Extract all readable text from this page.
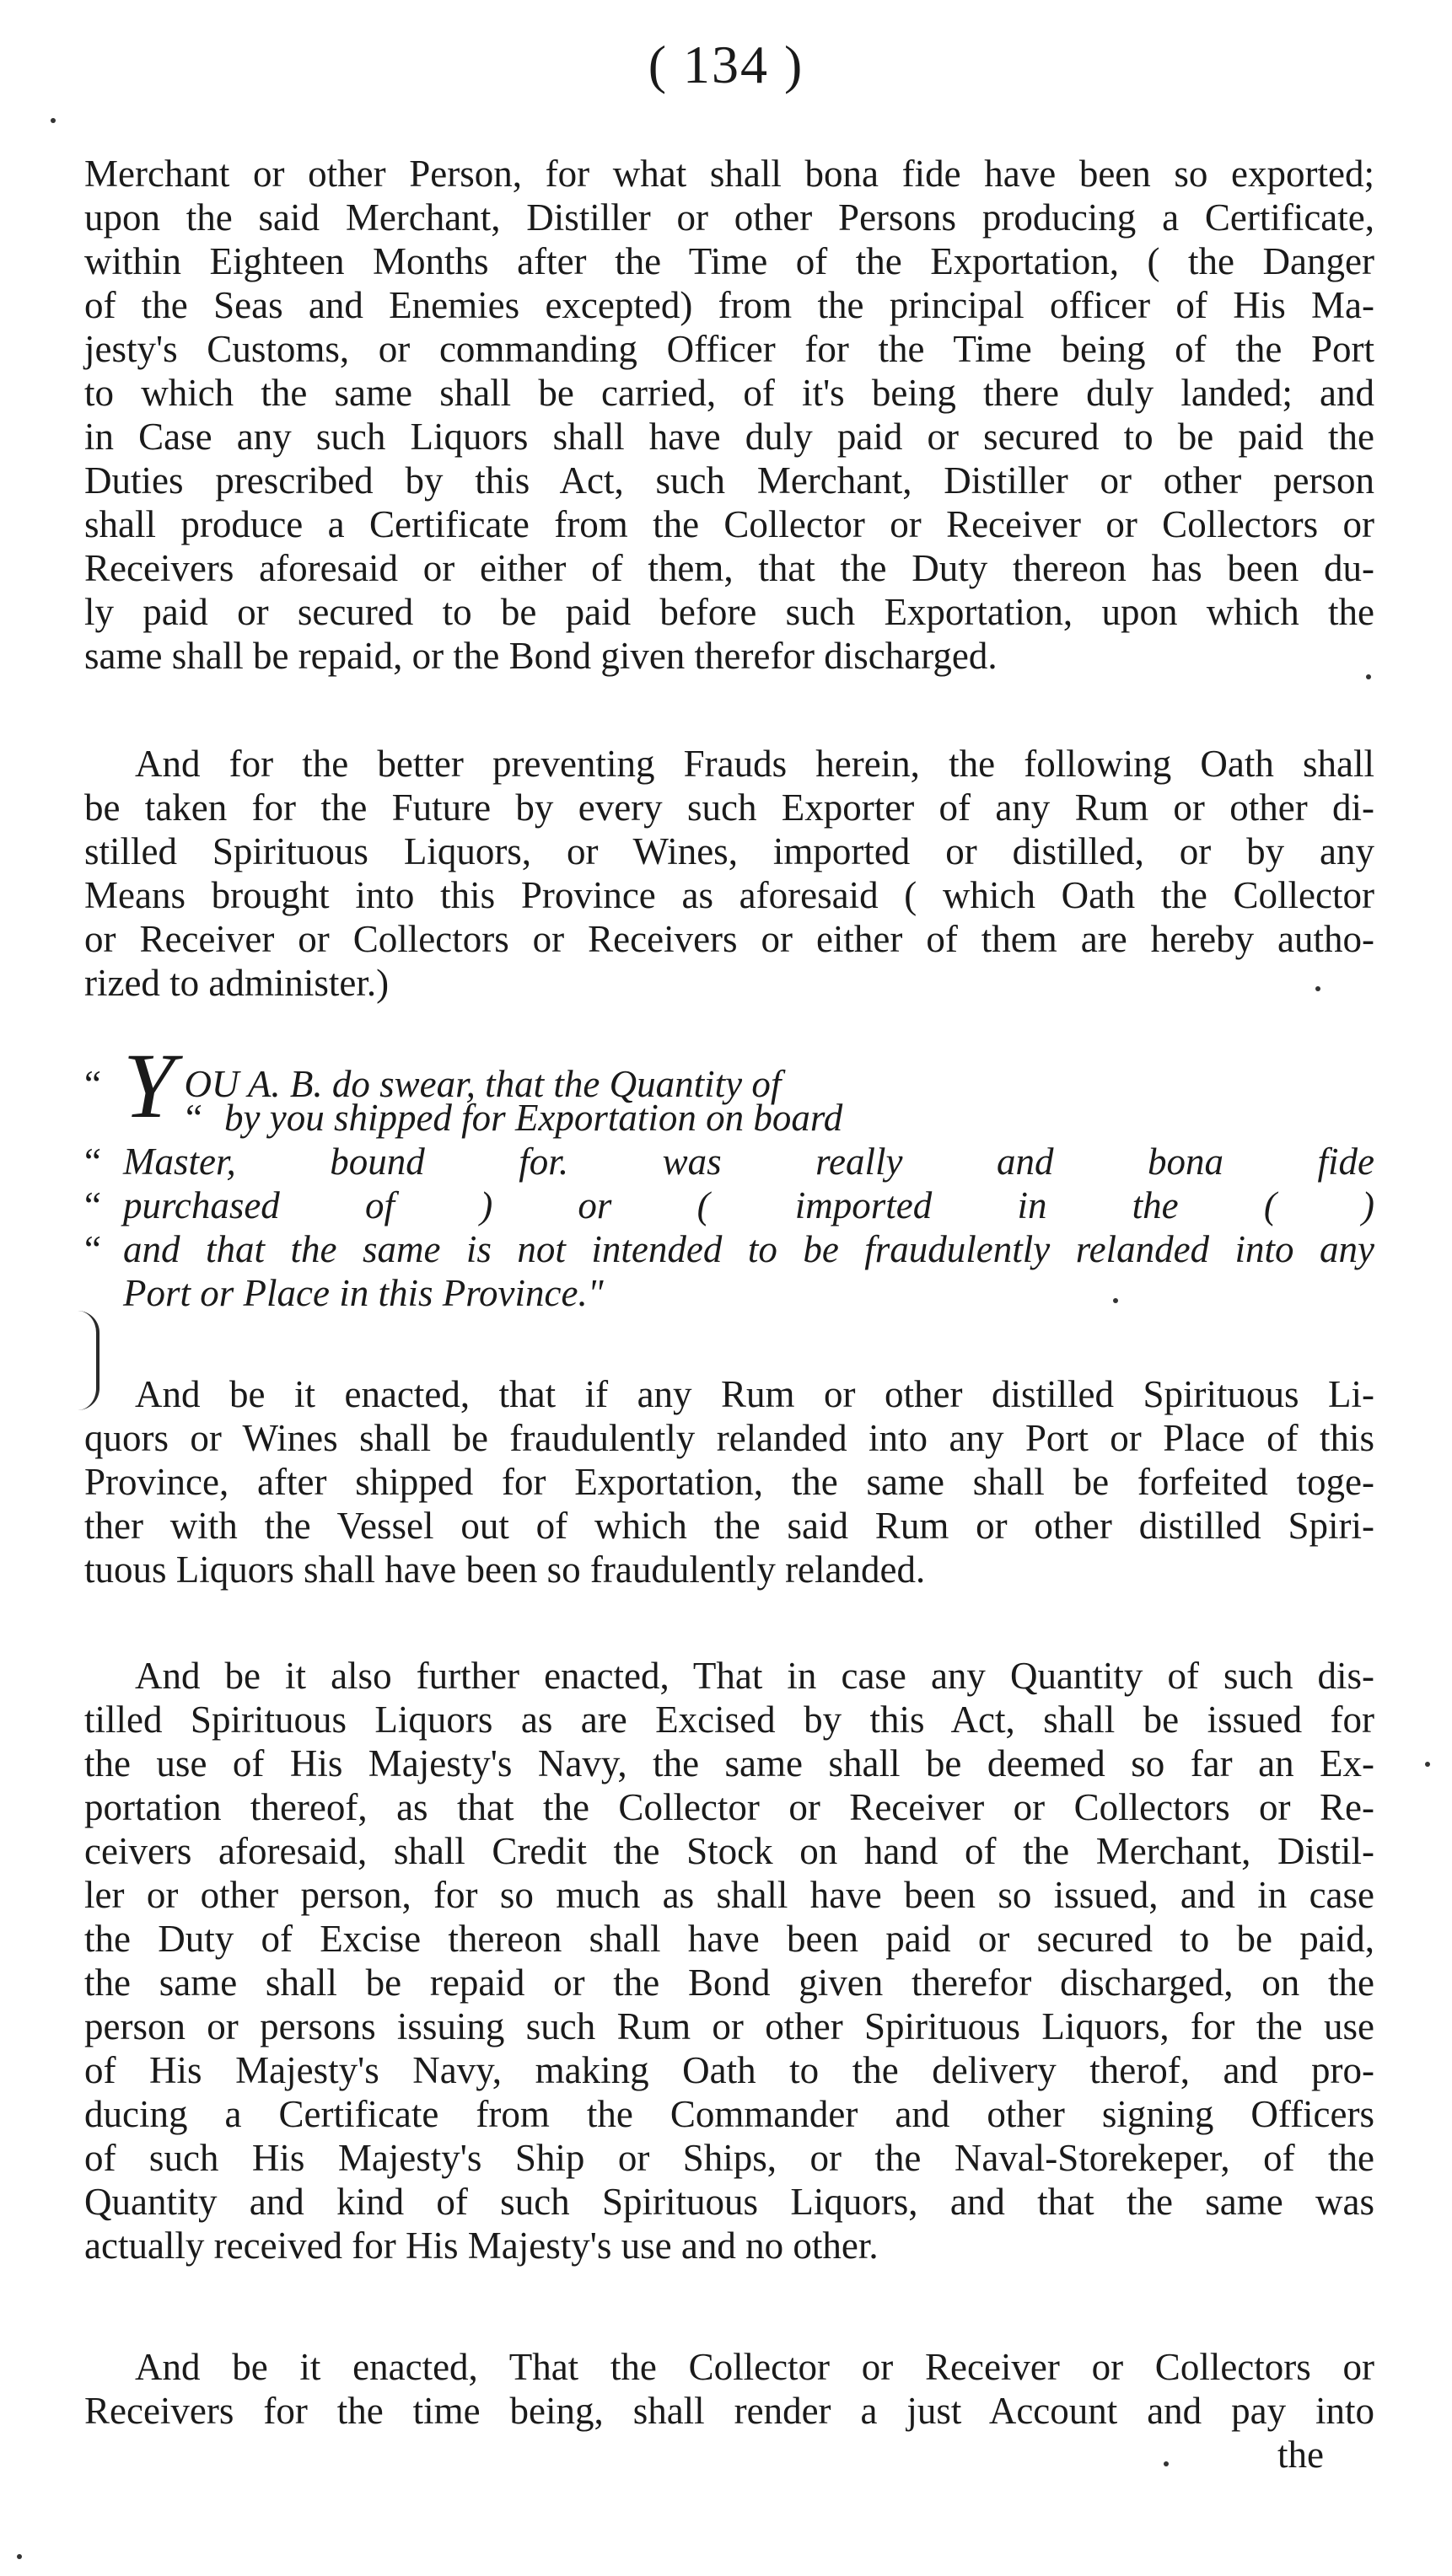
( 134 )
Merchant or other Person, for what shall bona fide have been so exported;
upon the said Merchant, Distiller or other Persons producing a Certificate,
within Eighteen Months after the Time of the Exportation, ( the Danger
of the Seas and Enemies excepted) from the principal officer of His Ma-
jesty's Customs, or commanding Officer for the Time being of the Port
to which the same shall be carried, of it's being there duly landed; and
in Case any such Liquors shall have duly paid or secured to be paid the
Duties prescribed by this Act, such Merchant, Distiller or other person
shall produce a Certificate from the Collector or Receiver or Collectors or
Receivers aforesaid or either of them, that the Duty thereon has been du-
ly paid or secured to be paid before such Exportation, upon which the
same shall be repaid, or the Bond given therefor discharged.
And for the better preventing Frauds herein, the following Oath shall
be taken for the Future by every such Exporter of any Rum or other di-
stilled Spirituous Liquors, or Wines, imported or distilled, or by any
Means brought into this Province as aforesaid ( which Oath the Collector
or Receiver or Collectors or Receivers or either of them are hereby autho-
rized to administer.)
“ Y OU A. B. do swear, that the Quantity of
“ by you shipped for Exportation on board
“ Master, bound for. was really and bona fide
“ purchased of ) or ( imported in the ( )
“ and that the same is not intended to be fraudulently relanded into any
Port or Place in this Province."
And be it enacted, that if any Rum or other distilled Spirituous Li-
quors or Wines shall be fraudulently relanded into any Port or Place of this
Province, after shipped for Exportation, the same shall be forfeited toge-
ther with the Vessel out of which the said Rum or other distilled Spiri-
tuous Liquors shall have been so fraudulently relanded.
And be it also further enacted, That in case any Quantity of such dis-
tilled Spirituous Liquors as are Excised by this Act, shall be issued for
the use of His Majesty's Navy, the same shall be deemed so far an Ex-
portation thereof, as that the Collector or Receiver or Collectors or Re-
ceivers aforesaid, shall Credit the Stock on hand of the Merchant, Distil-
ler or other person, for so much as shall have been so issued, and in case
the Duty of Excise thereon shall have been paid or secured to be paid,
the same shall be repaid or the Bond given therefor discharged, on the
person or persons issuing such Rum or other Spirituous Liquors, for the use
of His Majesty's Navy, making Oath to the delivery therof, and pro-
ducing a Certificate from the Commander and other signing Officers
of such His Majesty's Ship or Ships, or the Naval-Storekeper, of the
Quantity and kind of such Spirituous Liquors, and that the same was
actually received for His Majesty's use and no other.
And be it enacted, That the Collector or Receiver or Collectors or
Receivers for the time being, shall render a just Account and pay into
the
